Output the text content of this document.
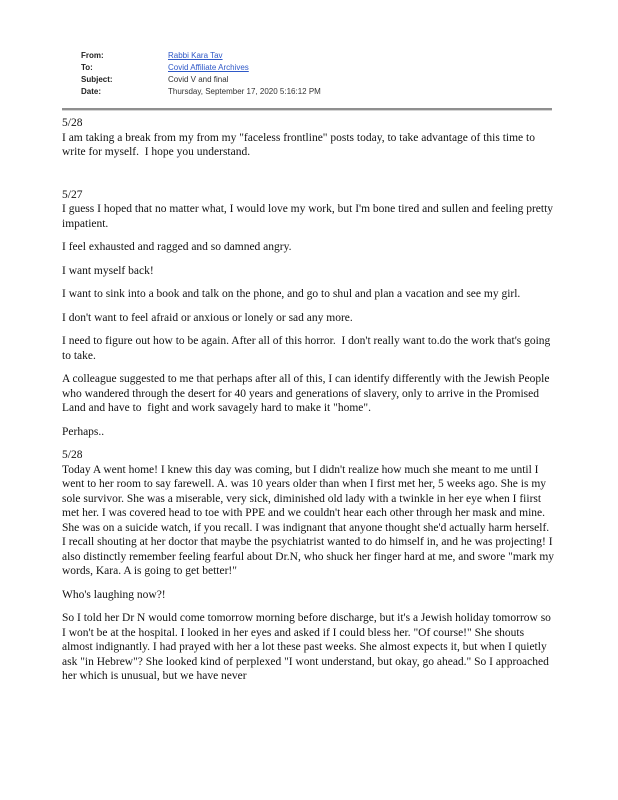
From:	Rabbi Kara Tav
To:	Covid Affiliate Archives
Subject:	Covid V and final
Date:	Thursday, September 17, 2020 5:16:12 PM
5/28
I am taking a break from my from my "faceless frontline" posts today, to take advantage of this time to write for myself.  I hope you understand.
5/27
I guess I hoped that no matter what, I would love my work, but I'm bone tired and sullen and feeling pretty impatient.
I feel exhausted and ragged and so damned angry.
I want myself back!
I want to sink into a book and talk on the phone, and go to shul and plan a vacation and see my girl.
I don't want to feel afraid or anxious or lonely or sad any more.
I need to figure out how to be again. After all of this horror.  I don't really want to.do the work that's going to take.
A colleague suggested to me that perhaps after all of this, I can identify differently with the Jewish People who wandered through the desert for 40 years and generations of slavery, only to arrive in the Promised Land and have to  fight and work savagely hard to make it "home".
Perhaps..
5/28
Today A went home! I knew this day was coming, but I didn't realize how much she meant to me until I went to her room to say farewell. A. was 10 years older than when I first met her, 5 weeks ago. She is my sole survivor. She was a miserable, very sick, diminished old lady with a twinkle in her eye when I fiirst met her. I was covered head to toe with PPE and we couldn't hear each other through her mask and mine. She was on a suicide watch, if you recall. I was indignant that anyone thought she'd actually harm herself. I recall shouting at her doctor that maybe the psychiatrist wanted to do himself in, and he was projecting! I also distinctly remember feeling fearful about Dr.N, who shuck her finger hard at me, and swore "mark my words, Kara. A is going to get better!"
Who's laughing now?!
So I told her Dr N would come tomorrow morning before discharge, but it's a Jewish holiday tomorrow so I won't be at the hospital. I looked in her eyes and asked if I could bless her. "Of course!" She shouts almost indignantly. I had prayed with her a lot these past weeks. She almost expects it, but when I quietly ask "in Hebrew"? She looked kind of perplexed "I wont understand, but okay, go ahead." So I approached her which is unusual, but we have never
